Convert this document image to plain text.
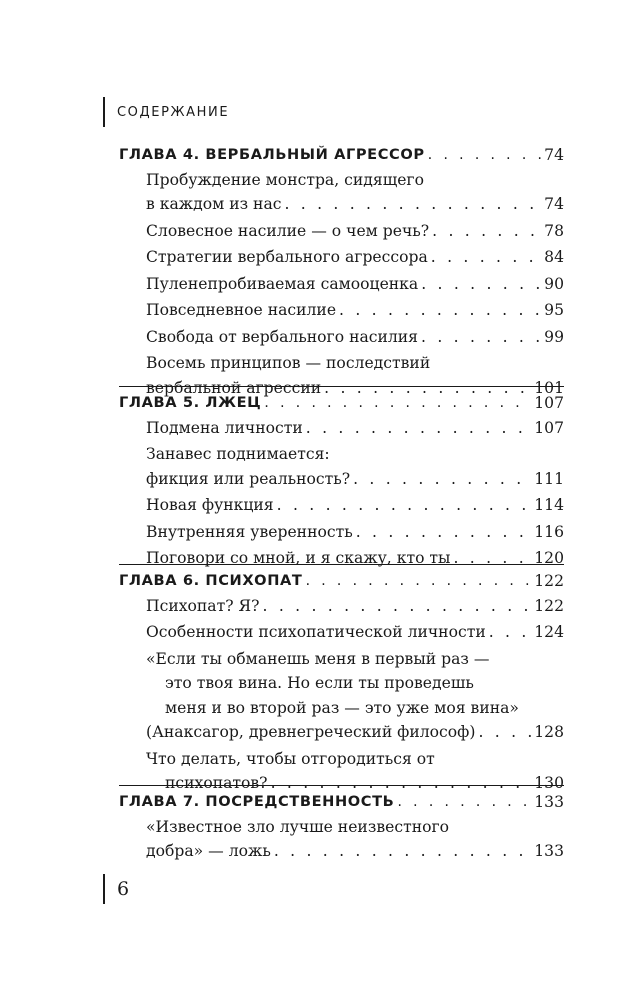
СОДЕРЖАНИЕ
ГЛАВА 4. ВЕРБАЛЬНЫЙ АГРЕССОР . . .	74
Пробуждение монстра, сидящего
в каждом из нас . . .	74
Словесное насилие — о чем речь? . . .	78
Стратегии вербального агрессора . . .	84
Пуленепробиваемая самооценка . . .	90
Повседневное насилие . . .	95
Свобода от вербального насилия . . .	99
Восемь принципов — последствий
вербальной агрессии . . .	101
ГЛАВА 5. ЛЖЕЦ . . .	107
Подмена личности . . .	107
Занавес поднимается:
фикция или реальность? . . .	111
Новая функция . . .	114
Внутренняя уверенность . . .	116
Поговори со мной, и я скажу, кто ты . . .	120
ГЛАВА 6. ПСИХОПАТ . . .	122
Психопат? Я? . . .	122
Особенности психопатической личности . . .	124
«Если ты обманешь меня в первый раз —
это твоя вина. Но если ты проведешь
меня и во второй раз — это уже моя вина»
(Анаксагор, древнегреческий философ) . . .	128
Что делать, чтобы отгородиться от
психопатов? . . .	130
ГЛАВА 7. ПОСРЕДСТВЕННОСТЬ . . .	133
«Известное зло лучше неизвестного
добра» — ложь . . .	133
6
